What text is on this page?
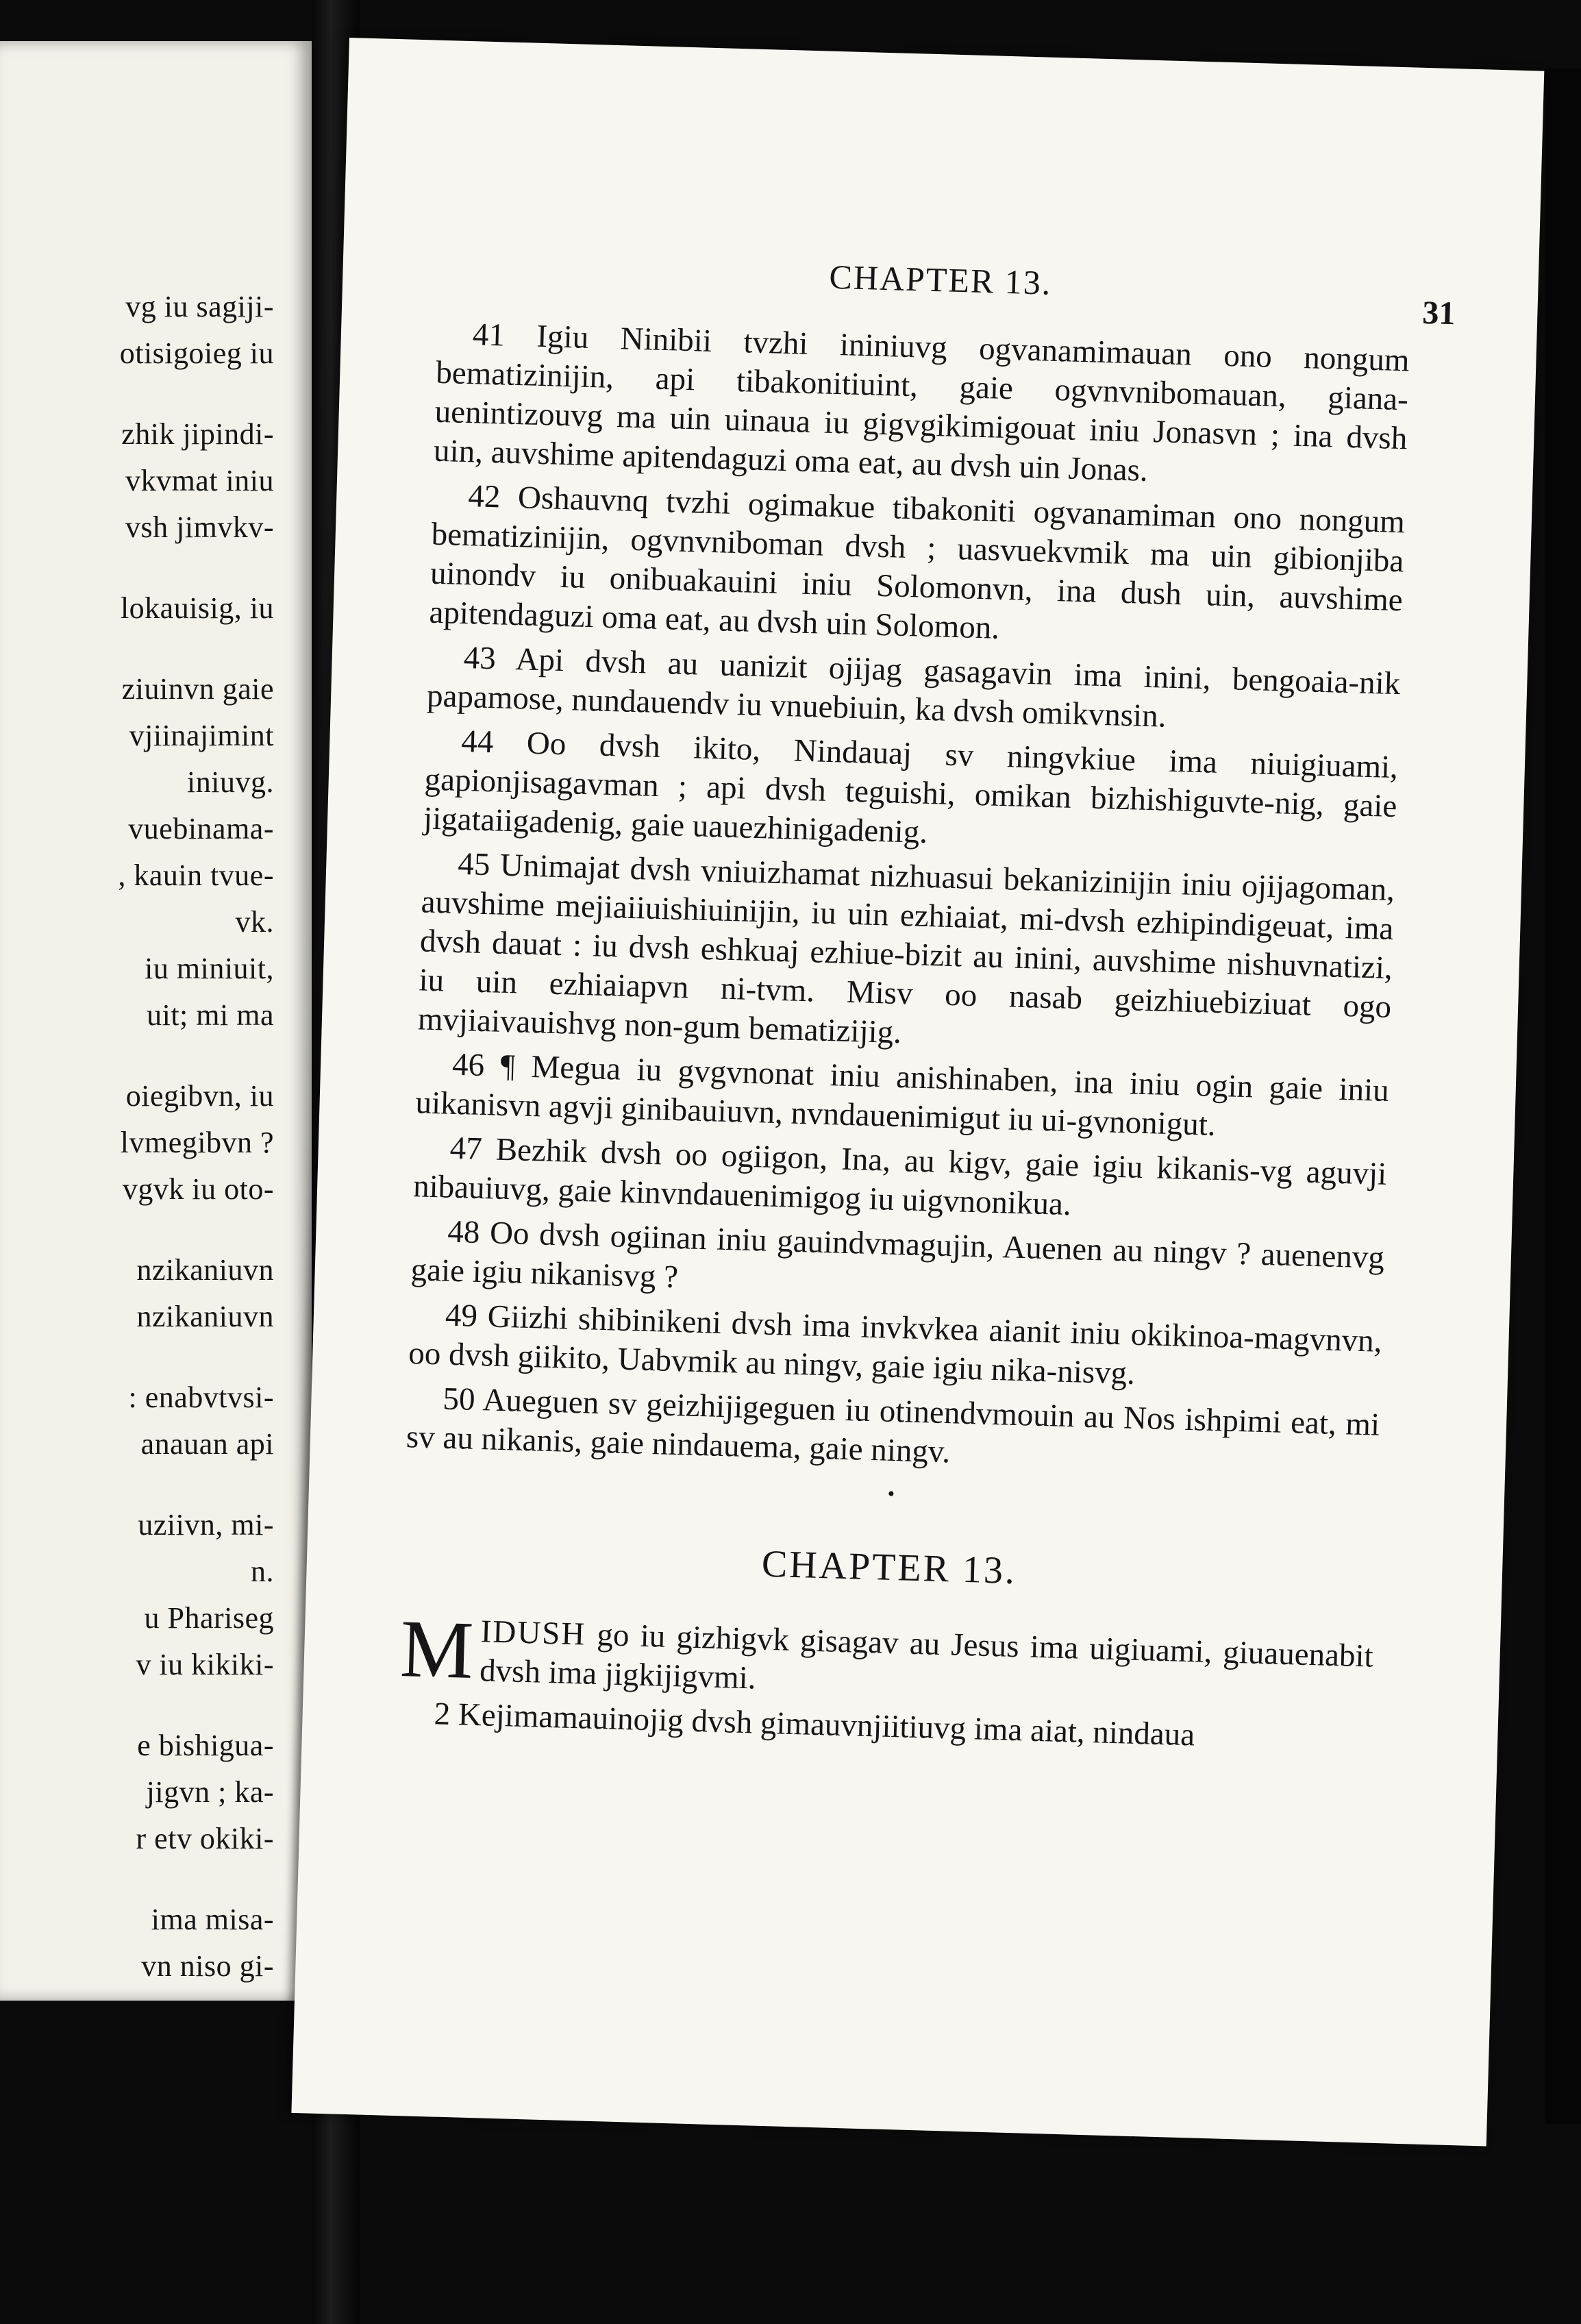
vg iu sagiji-
otisigoieg iu
zhik jipindi-
vkvmat iniu
vsh jimvkv-
lokauisig, iu
ziuinvn gaie
vjiinajimint
iniuvg.
vuebinama-
, kauin tvue-
vk.
iu miniuit,
uit; mi ma
oiegibvn, iu
lvmegibvn ?
vgvk iu oto-
nzikaniuvn
nzikaniuvn
: enabvtvsi-
anauan api
uziivn, mi-
n.
u Phariseg
v iu kikiki-
e bishigua-
jigvn ; ka-
r etv okiki-
ima misa-
vn niso gi-
CHAPTER 13.
31

41 Igiu Ninibii tvzhi ininiuvg ogvanamimauan ono nongum bematizinijin, api tibakonitiuint, gaie ogvnvnibomauan, giana-uenintizouvg ma uin uinaua iu gigvgikimigouat iniu Jonasvn ; ina dvsh uin, auvshime apitendaguzi oma eat, au dvsh uin Jonas.

42 Oshauvnq tvzhi ogimakue tibakoniti ogvanamiman ono nongum bematizinijin, ogvnvniboman dvsh ; uasvuekvmik ma uin gibionjiba uinondv iu onibuakauini iniu Solomonvn, ina dush uin, auvshime apitendaguzi oma eat, au dvsh uin Solomon.

43 Api dvsh au uanizit ojijag gasagavin ima inini, bengoaia-nik papamose, nundauendv iu vnuebiuin, ka dvsh omikvnsin.

44 Oo dvsh ikito, Nindauaj sv ningvkiue ima niuigiuami, gapionjisagavman ; api dvsh teguishi, omikan bizhishiguvte-nig, gaie jigataiigadenig, gaie uauezhinigadenig.

45 Unimajat dvsh vniuizhamat nizhuasui bekanizinijin iniu ojijagoman, auvshime mejiaiiuishiuinijin, iu uin ezhiaiat, mi-dvsh ezhipindigeuat, ima dvsh dauat : iu dvsh eshkuaj ezhiue-bizit au inini, auvshime nishuvnatizi, iu uin ezhiaiapvn ni-tvm. Misv oo nasab geizhiuebiziuat ogo mvjiaivauishvg non-gum bematizijig.

46 ¶ Megua iu gvgvnonat iniu anishinaben, ina iniu ogin gaie iniu uikanisvn agvji ginibauiuvn, nvndauenimigut iu ui-gvnonigut.

47 Bezhik dvsh oo ogiigon, Ina, au kigv, gaie igiu kikanis-vg aguvji nibauiuvg, gaie kinvndauenimigog iu uigvnonikua.

48 Oo dvsh ogiinan iniu gauindvmagujin, Auenen au ningv ? auenenvg gaie igiu nikanisvg ?

49 Giizhi shibinikeni dvsh ima invkvkea aianit iniu okikinoa-magvnvn, oo dvsh giikito, Uabvmik au ningv, gaie igiu nika-nisvg.

50 Aueguen sv geizhijigeguen iu otinendvmouin au Nos ishpimi eat, mi sv au nikanis, gaie nindauema, gaie ningv.

•
CHAPTER 13.

MIDUSH go iu gizhigvk gisagav au Jesus ima uigiuami, giuauenabit dvsh ima jigkijigvmi.

2 Kejimamauinojig dvsh gimauvnjiitiuvg ima aiat, nindaua
